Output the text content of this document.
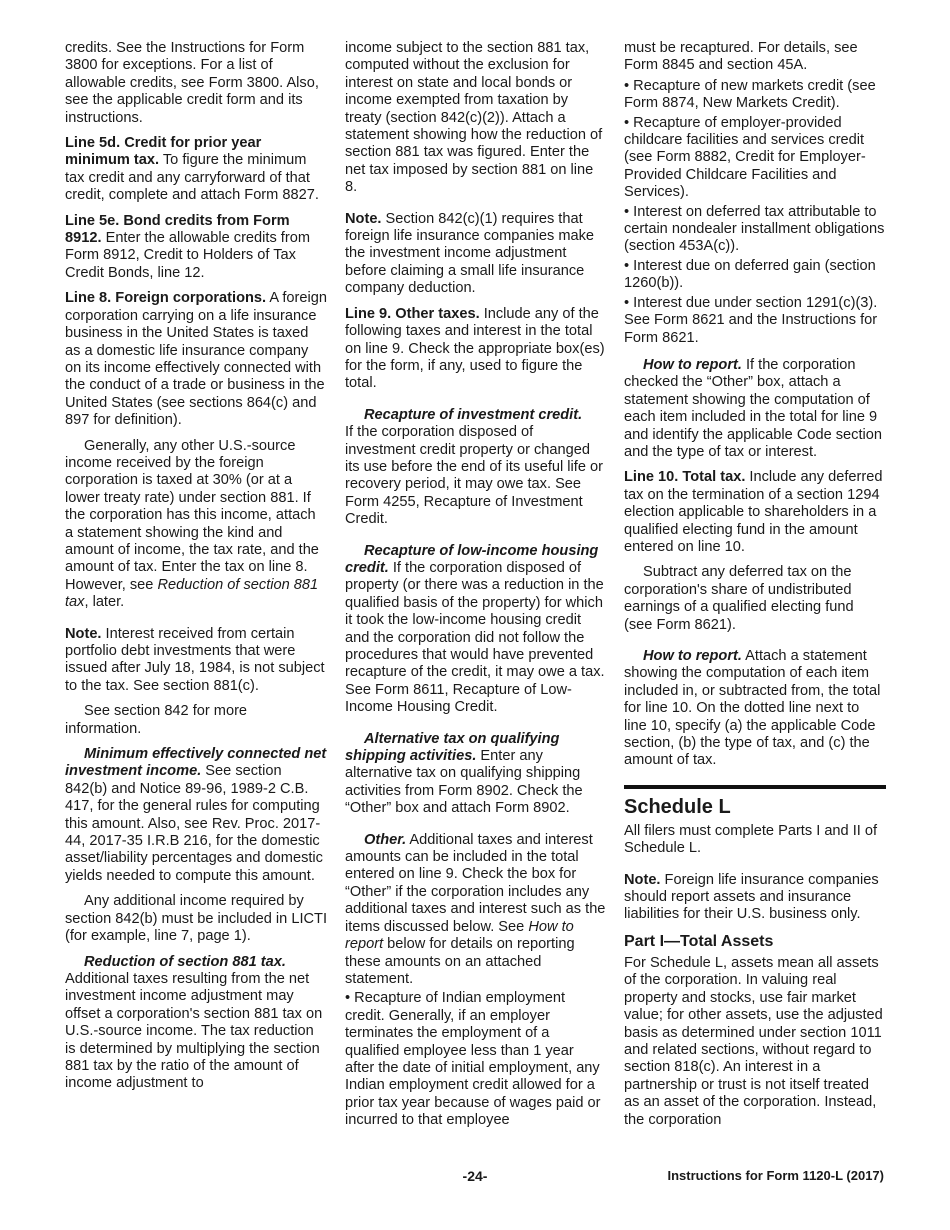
credits. See the Instructions for Form 3800 for exceptions. For a list of allowable credits, see Form 3800. Also, see the applicable credit form and its instructions.

Line 5d. Credit for prior year minimum tax. To figure the minimum tax credit and any carryforward of that credit, complete and attach Form 8827.

Line 5e. Bond credits from Form 8912. Enter the allowable credits from Form 8912, Credit to Holders of Tax Credit Bonds, line 12.

Line 8. Foreign corporations. A foreign corporation carrying on a life insurance business in the United States is taxed as a domestic life insurance company on its income effectively connected with the conduct of a trade or business in the United States (see sections 864(c) and 897 for definition).

Generally, any other U.S.-source income received by the foreign corporation is taxed at 30% (or at a lower treaty rate) under section 881. If the corporation has this income, attach a statement showing the kind and amount of income, the tax rate, and the amount of tax. Enter the tax on line 8. However, see Reduction of section 881 tax, later.

Note. Interest received from certain portfolio debt investments that were issued after July 18, 1984, is not subject to the tax. See section 881(c).

See section 842 for more information.

Minimum effectively connected net investment income. See section 842(b) and Notice 89-96, 1989-2 C.B. 417, for the general rules for computing this amount. Also, see Rev. Proc. 2017-44, 2017-35 I.R.B 216, for the domestic asset/liability percentages and domestic yields needed to compute this amount.

Any additional income required by section 842(b) must be included in LICTI (for example, line 7, page 1).

Reduction of section 881 tax.

Additional taxes resulting from the net investment income adjustment may offset a corporation's section 881 tax on U.S.-source income. The tax reduction is determined by multiplying the section 881 tax by the ratio of the amount of income adjustment to

income subject to the section 881 tax, computed without the exclusion for interest on state and local bonds or income exempted from taxation by treaty (section 842(c)(2)). Attach a statement showing how the reduction of section 881 tax was figured. Enter the net tax imposed by section 881 on line 8.

Note. Section 842(c)(1) requires that foreign life insurance companies make the investment income adjustment before claiming a small life insurance company deduction.

Line 9. Other taxes. Include any of the following taxes and interest in the total on line 9. Check the appropriate box(es) for the form, if any, used to figure the total.

Recapture of investment credit.

If the corporation disposed of investment credit property or changed its use before the end of its useful life or recovery period, it may owe tax. See Form 4255, Recapture of Investment Credit.

Recapture of low-income housing credit. If the corporation disposed of property (or there was a reduction in the qualified basis of the property) for which it took the low-income housing credit and the corporation did not follow the procedures that would have prevented recapture of the credit, it may owe a tax. See Form 8611, Recapture of Low-Income Housing Credit.

Alternative tax on qualifying shipping activities. Enter any alternative tax on qualifying shipping activities from Form 8902. Check the “Other” box and attach Form 8902.

Other. Additional taxes and interest amounts can be included in the total entered on line 9. Check the box for “Other” if the corporation includes any additional taxes and interest such as the items discussed below. See How to report below for details on reporting these amounts on an attached statement.

• Recapture of Indian employment credit. Generally, if an employer terminates the employment of a qualified employee less than 1 year after the date of initial employment, any Indian employment credit allowed for a prior tax year because of wages paid or incurred to that employee

must be recaptured. For details, see Form 8845 and section 45A.

• Recapture of new markets credit (see Form 8874, New Markets Credit).
• Recapture of employer-provided childcare facilities and services credit (see Form 8882, Credit for Employer-Provided Childcare Facilities and Services).
• Interest on deferred tax attributable to certain nondealer installment obligations (section 453A(c)).
• Interest due on deferred gain (section 1260(b)).
• Interest due under section 1291(c)(3). See Form 8621 and the Instructions for Form 8621.

How to report. If the corporation checked the “Other” box, attach a statement showing the computation of each item included in the total for line 9 and identify the applicable Code section and the type of tax or interest.

Line 10. Total tax. Include any deferred tax on the termination of a section 1294 election applicable to shareholders in a qualified electing fund in the amount entered on line 10.

Subtract any deferred tax on the corporation's share of undistributed earnings of a qualified electing fund (see Form 8621).

How to report. Attach a statement showing the computation of each item included in, or subtracted from, the total for line 10. On the dotted line next to line 10, specify (a) the applicable Code section, (b) the type of tax, and (c) the amount of tax.

Schedule L

All filers must complete Parts I and II of Schedule L.

Note. Foreign life insurance companies should report assets and insurance liabilities for their U.S. business only.

Part I—Total Assets

For Schedule L, assets mean all assets of the corporation. In valuing real property and stocks, use fair market value; for other assets, use the adjusted basis as determined under section 1011 and related sections, without regard to section 818(c). An interest in a partnership or trust is not itself treated as an asset of the corporation. Instead, the corporation

-24-	Instructions for Form 1120-L (2017)
